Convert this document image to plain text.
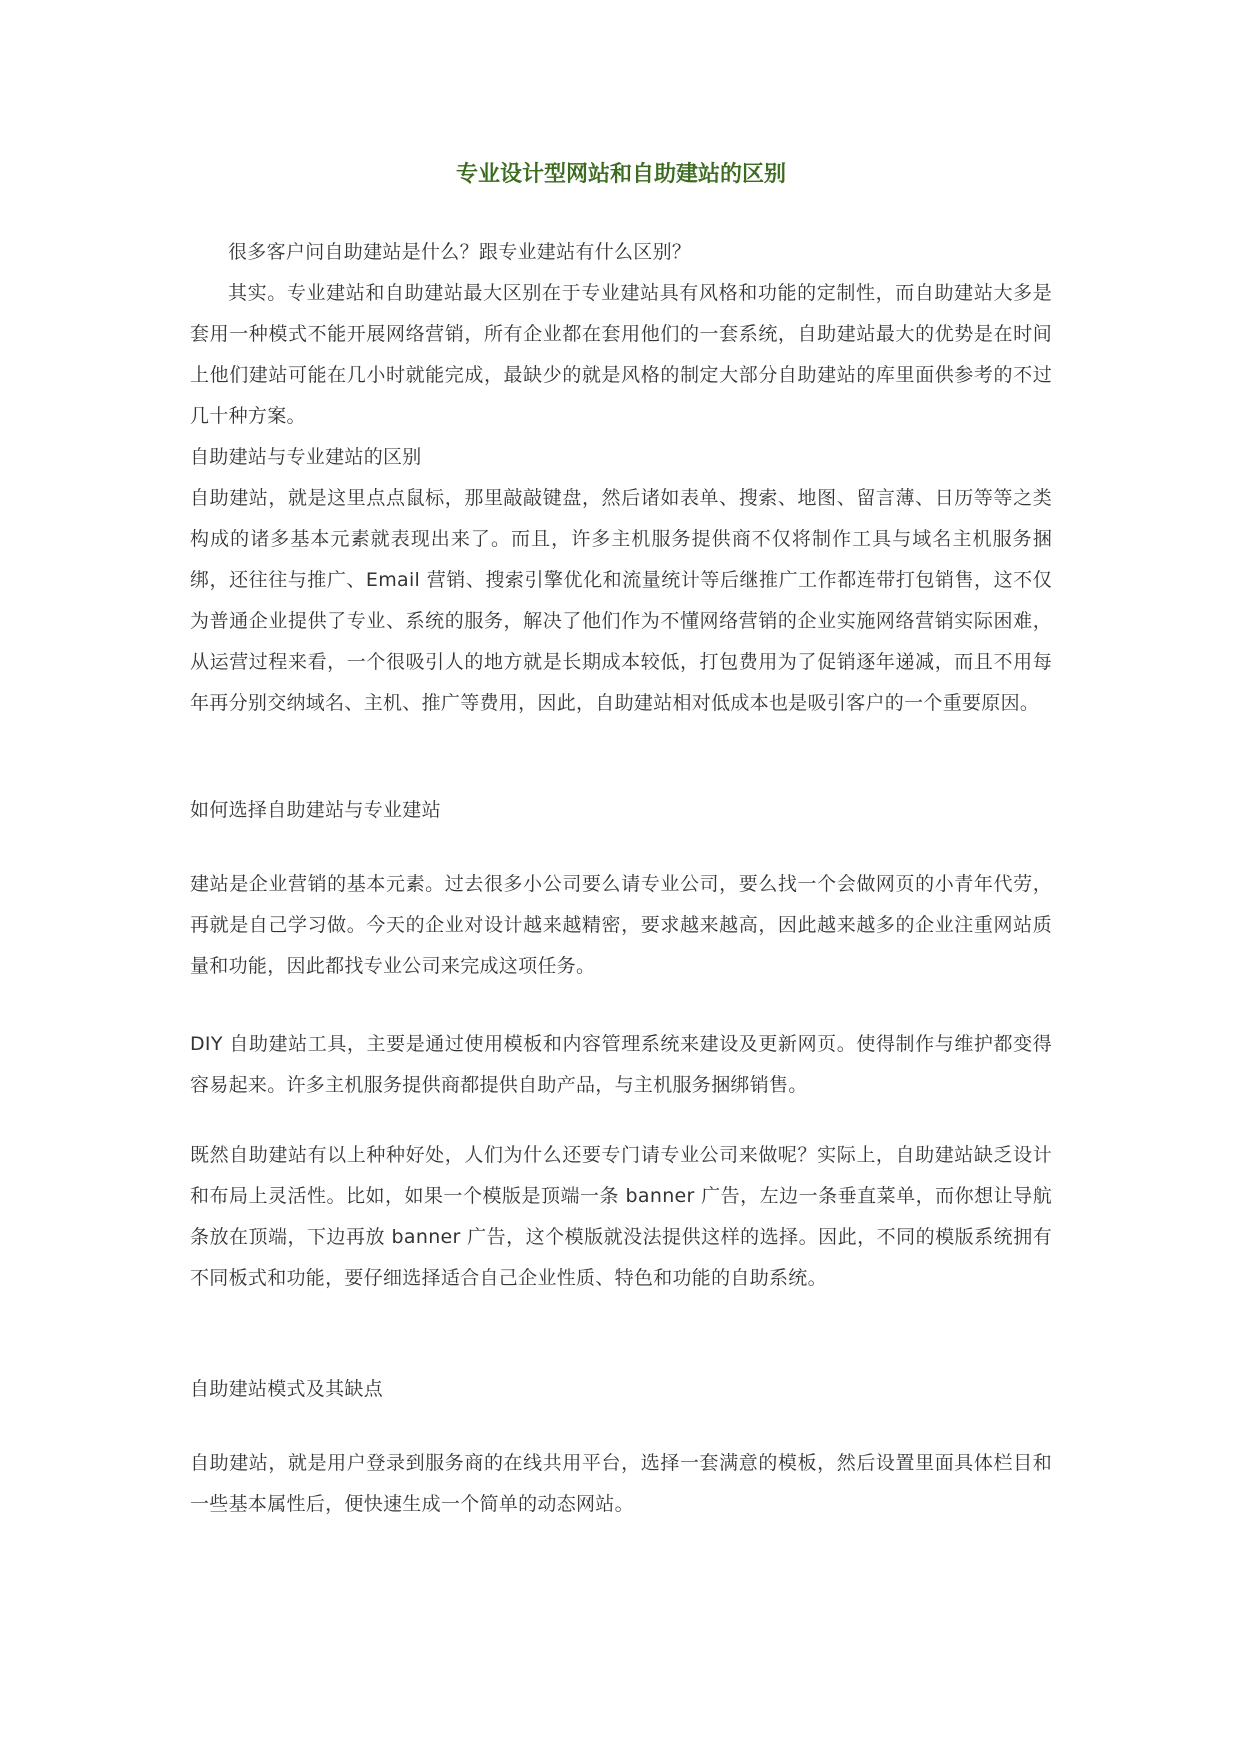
专业设计型网站和自助建站的区别
很多客户问自助建站是什么？跟专业建站有什么区别？
其实。专业建站和自助建站最大区别在于专业建站具有风格和功能的定制性，而自助建站大多是套用一种模式不能开展网络营销，所有企业都在套用他们的一套系统，自助建站最大的优势是在时间上他们建站可能在几小时就能完成，最缺少的就是风格的制定大部分自助建站的库里面供参考的不过几十种方案。
自助建站与专业建站的区别
自助建站，就是这里点点鼠标，那里敲敲键盘，然后诸如表单、搜索、地图、留言薄、日历等等之类构成的诸多基本元素就表现出来了。而且，许多主机服务提供商不仅将制作工具与域名主机服务捆绑，还往往与推广、Email 营销、搜索引擎优化和流量统计等后继推广工作都连带打包销售，这不仅为普通企业提供了专业、系统的服务，解决了他们作为不懂网络营销的企业实施网络营销实际困难，从运营过程来看，一个很吸引人的地方就是长期成本较低，打包费用为了促销逐年递减，而且不用每年再分别交纳域名、主机、推广等费用，因此，自助建站相对低成本也是吸引客户的一个重要原因。
如何选择自助建站与专业建站
建站是企业营销的基本元素。过去很多小公司要么请专业公司，要么找一个会做网页的小青年代劳，再就是自己学习做。今天的企业对设计越来越精密，要求越来越高，因此越来越多的企业注重网站质量和功能，因此都找专业公司来完成这项任务。
DIY 自助建站工具，主要是通过使用模板和内容管理系统来建设及更新网页。使得制作与维护都变得容易起来。许多主机服务提供商都提供自助产品，与主机服务捆绑销售。
既然自助建站有以上种种好处，人们为什么还要专门请专业公司来做呢？实际上，自助建站缺乏设计和布局上灵活性。比如，如果一个模版是顶端一条 banner 广告，左边一条垂直菜单，而你想让导航条放在顶端，下边再放 banner 广告，这个模版就没法提供这样的选择。因此，不同的模版系统拥有不同板式和功能，要仔细选择适合自己企业性质、特色和功能的自助系统。
自助建站模式及其缺点
自助建站，就是用户登录到服务商的在线共用平台，选择一套满意的模板，然后设置里面具体栏目和一些基本属性后，便快速生成一个简单的动态网站。
